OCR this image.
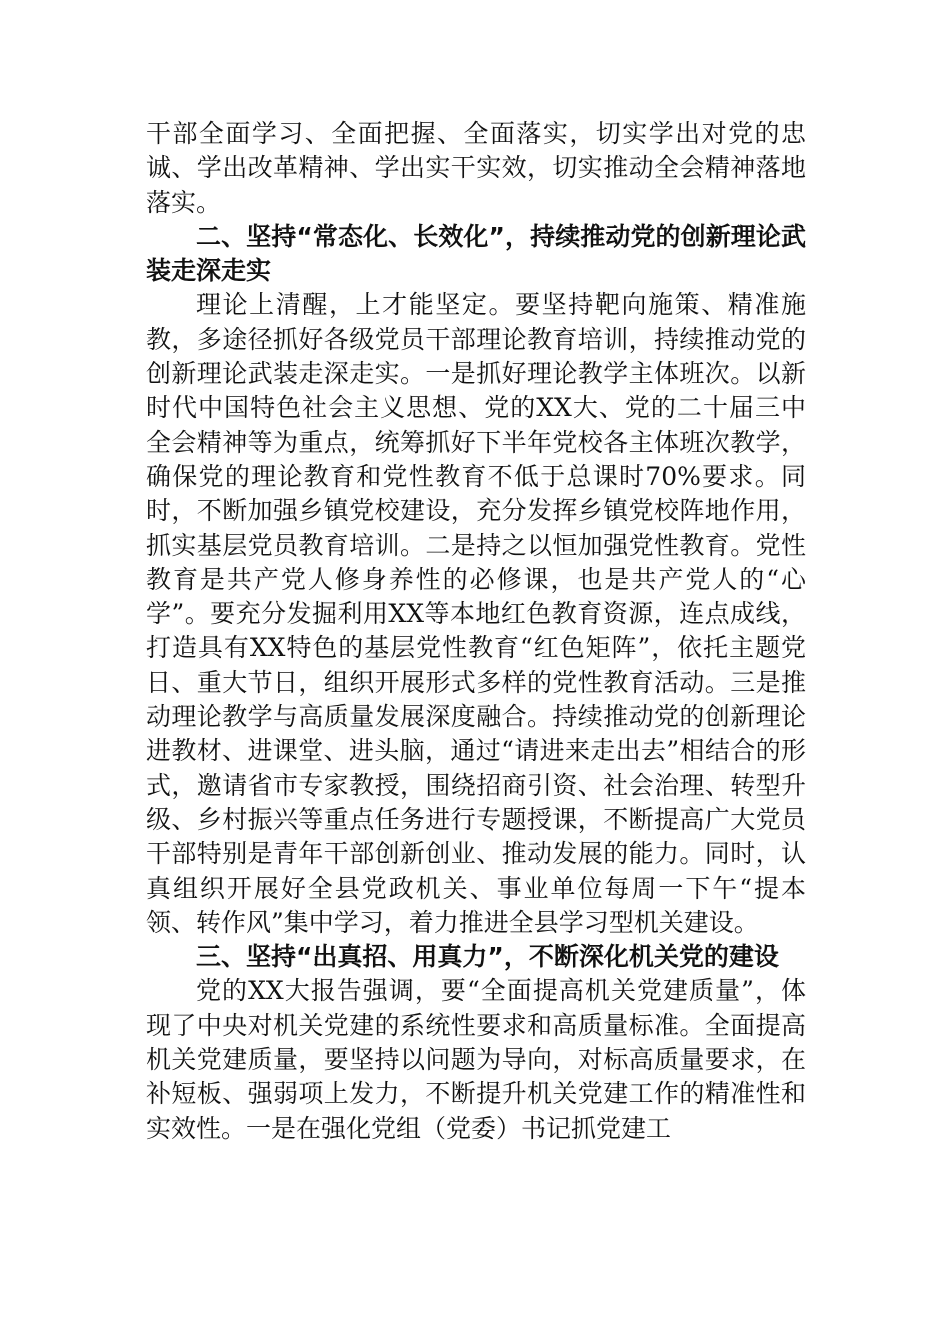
干部全面学习、全面把握、全面落实，切实学出对党的忠诚、学出改革精神、学出实干实效，切实推动全会精神落地落实。

二、坚持“常态化、长效化”，持续推动党的创新理论武装走深走实

理论上清醒，上才能坚定。要坚持靶向施策、精准施教，多途径抓好各级党员干部理论教育培训，持续推动党的创新理论武装走深走实。一是抓好理论教学主体班次。以新时代中国特色社会主义思想、党的XX大、党的二十届三中全会精神等为重点，统筹抓好下半年党校各主体班次教学，确保党的理论教育和党性教育不低于总课时70%要求。同时，不断加强乡镇党校建设，充分发挥乡镇党校阵地作用，抓实基层党员教育培训。二是持之以恒加强党性教育。党性教育是共产党人修身养性的必修课，也是共产党人的“心学”。要充分发掘利用XX等本地红色教育资源，连点成线，打造具有XX特色的基层党性教育“红色矩阵”，依托主题党日、重大节日，组织开展形式多样的党性教育活动。三是推动理论教学与高质量发展深度融合。持续推动党的创新理论进教材、进课堂、进头脑，通过“请进来走出去”相结合的形式，邀请省市专家教授，围绕招商引资、社会治理、转型升级、乡村振兴等重点任务进行专题授课，不断提高广大党员干部特别是青年干部创新创业、推动发展的能力。同时，认真组织开展好全县党政机关、事业单位每周一下午“提本领、转作风”集中学习，着力推进全县学习型机关建设。

三、坚持“出真招、用真力”，不断深化机关党的建设

党的XX大报告强调，要“全面提高机关党建质量”，体现了中央对机关党建的系统性要求和高质量标准。全面提高机关党建质量，要坚持以问题为导向，对标高质量要求，在补短板、强弱项上发力，不断提升机关党建工作的精准性和实效性。一是在强化党组（党委）书记抓党建工
